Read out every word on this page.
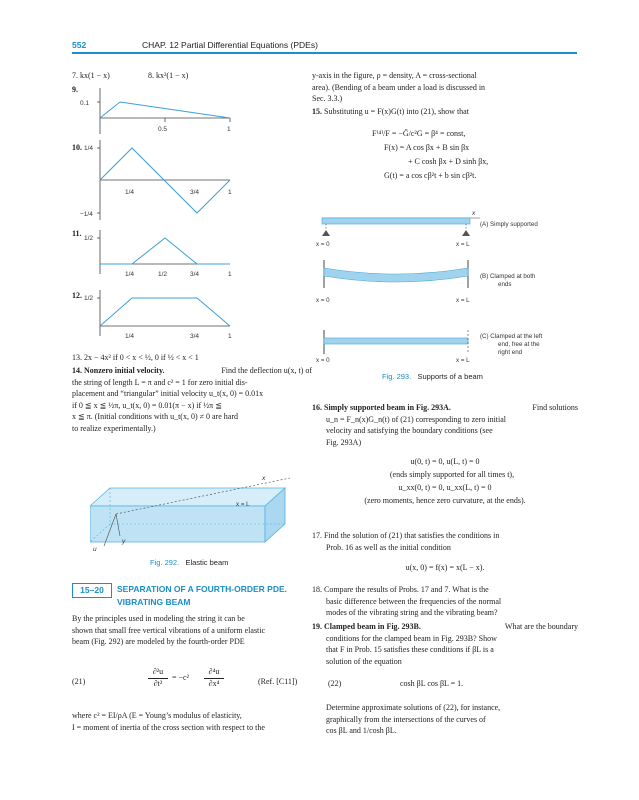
552	CHAP. 12 Partial Differential Equations (PDEs)
7. kx(1 − x)	8. kx²(1 − x)
9.
10.
11.
12.
0.1
0.5	1
1/4
−1/4
1/4	3/4	1
1/2
1/4	1/2	3/4	1
1/2
1/4	3/4	1
13. 2x − 4x² if 0 < x < ½, 0 if ½ < x < 1
14. Nonzero initial velocity.	Find the deflection u(x, t) of
the string of length L = π and c² = 1 for zero initial dis-
placement and “triangular” initial velocity u_t(x, 0) = 0.01x
if 0 ≦ x ≦ ½π, u_t(x, 0) = 0.01(π − x) if ½π ≦
x ≦ π. (Initial conditions with u_t(x, 0) ≠ 0 are hard
to realize experimentally.)
x
x = L
y
u
Fig. 292. Elastic beam
15–20	SEPARATION OF A FOURTH-ORDER PDE. VIBRATING BEAM
By the principles used in modeling the string it can be
shown that small free vertical vibrations of a uniform elastic
beam (Fig. 292) are modeled by the fourth-order PDE
(21)
∂²u
∂t²
= −c²
∂⁴u
∂x⁴	(Ref. [C11])
where c² = EI/ρA (E = Young’s modulus of elasticity,
I = moment of inertia of the cross section with respect to the
y-axis in the figure, ρ = density, A = cross-sectional
area). (Bending of a beam under a load is discussed in
Sec. 3.3.)
15. Substituting u = F(x)G(t) into (21), show that
F⁽⁴⁾/F = −G̈/c²G = β⁴ = const,
F(x) = A cos βx + B sin βx
+ C cosh βx + D sinh βx,
G(t) = a cos cβ²t + b sin cβ²t.
x
x = 0	x = L
(A) Simply supported
x = 0	x = L
(B) Clamped at both
ends
x = 0	x = L
(C) Clamped at the left
end, free at the
right end
Fig. 293. Supports of a beam
16. Simply supported beam in Fig. 293A.	Find solutions
u_n = F_n(x)G_n(t) of (21) corresponding to zero initial
velocity and satisfying the boundary conditions (see
Fig. 293A)
u(0, t) = 0, u(L, t) = 0
(ends simply supported for all times t),
u_xx(0, t) = 0, u_xx(L, t) = 0
(zero moments, hence zero curvature, at the ends).
17. Find the solution of (21) that satisfies the conditions in
Prob. 16 as well as the initial condition
u(x, 0) = f(x) = x(L − x).
18. Compare the results of Probs. 17 and 7. What is the
basic difference between the frequencies of the normal
modes of the vibrating string and the vibrating beam?
19. Clamped beam in Fig. 293B.	What are the boundary
conditions for the clamped beam in Fig. 293B? Show
that F in Prob. 15 satisfies these conditions if βL is a
solution of the equation
(22)	cosh βL cos βL = 1.
Determine approximate solutions of (22), for instance,
graphically from the intersections of the curves of
cos βL and 1/cosh βL.
